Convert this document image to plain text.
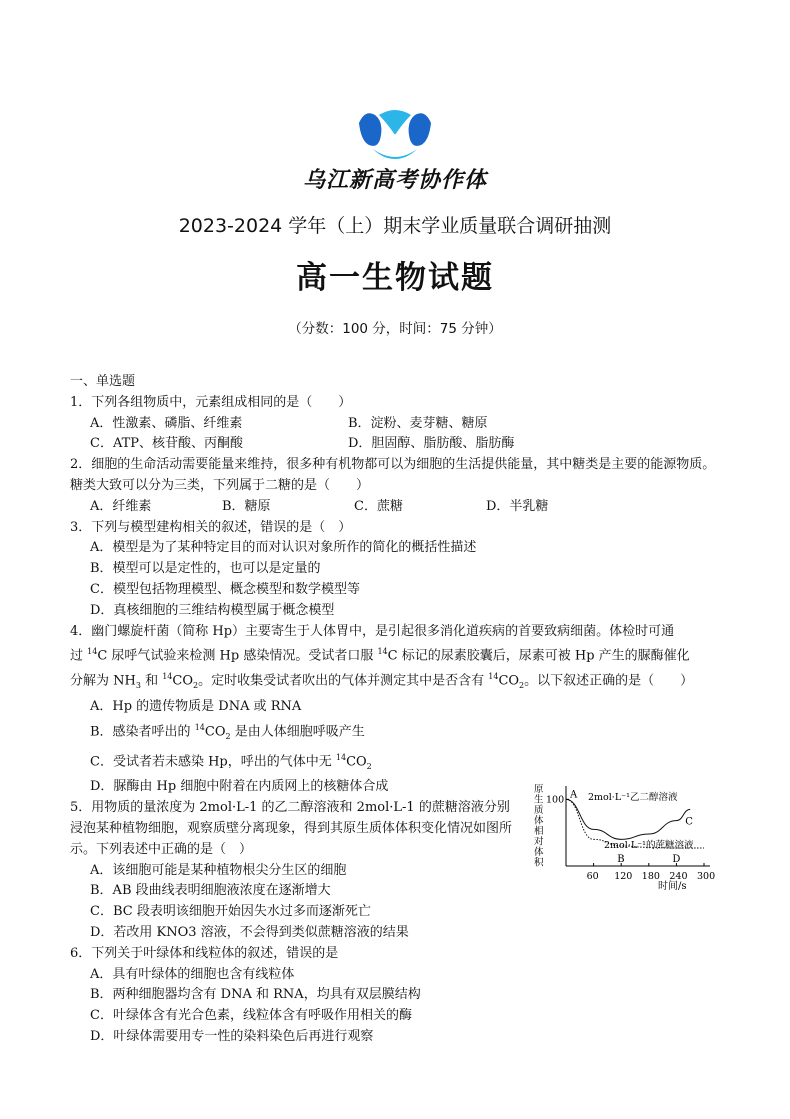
乌江新高考协作体
2023-2024 学年（上）期末学业质量联合调研抽测
高一生物试题
（分数：100 分，时间：75 分钟）
一、单选题
1．下列各组物质中，元素组成相同的是（　　）
A．性激素、磷脂、纤维素	B．淀粉、麦芽糖、糖原
C．ATP、核苷酸、丙酮酸	D．胆固醇、脂肪酸、脂肪酶
2．细胞的生命活动需要能量来维持，很多种有机物都可以为细胞的生活提供能量，其中糖类是主要的能源物质。糖类大致可以分为三类，下列属于二糖的是（　　）
A．纤维素	B．糖原	C．蔗糖	D．半乳糖
3．下列与模型建构相关的叙述，错误的是（　）
A．模型是为了某种特定目的而对认识对象所作的简化的概括性描述
B．模型可以是定性的，也可以是定量的
C．模型包括物理模型、概念模型和数学模型等
D．真核细胞的三维结构模型属于概念模型
4．幽门螺旋杆菌（简称 Hp）主要寄生于人体胃中，是引起很多消化道疾病的首要致病细菌。体检时可通
过 $^{14}$C 尿呼气试验来检测 Hp 感染情况。受试者口服 $^{14}$C 标记的尿素胶囊后，尿素可被 Hp 产生的脲酶催化
分解为 $NH_3$ 和 $^{14}CO_2$。定时收集受试者吹出的气体并测定其中是否含有 $^{14}CO_2$。以下叙述正确的是（　　）
A．Hp 的遗传物质是 DNA 或 RNA
B．感染者呼出的 $^{14}CO_2$ 是由人体细胞呼吸产生
C．受试者若未感染 Hp，呼出的气体中无 $^{14}CO_2$
D．脲酶由 Hp 细胞中附着在内质网上的核糖体合成
5．用物质的量浓度为 2mol·L-1 的乙二醇溶液和 2mol·L-1 的蔗糖溶液分别浸泡某种植物细胞，观察质壁分离现象，得到其原生质体体积变化情况如图所示。下列表述中正确的是（　）
A．该细胞可能是某种植物根尖分生区的细胞
B．AB 段曲线表明细胞液浓度在逐渐增大
C．BC 段表明该细胞开始因失水过多而逐渐死亡
D．若改用 KNO3 溶液，不会得到类似蔗糖溶液的结果
6．下列关于叶绿体和线粒体的叙述，错误的是
A．具有叶绿体的细胞也含有线粒体
B．两种细胞器均含有 DNA 和 RNA，均具有双层膜结构
C．叶绿体含有光合色素，线粒体含有呼吸作用相关的酶
D．叶绿体需要用专一性的染料染色后再进行观察
原
生
质
体
相
对
体
积
60 120 180 240 300
100 A
B
C
D
时间/s
2mol·L⁻¹乙二醇溶液
2mol·L⁻¹的蔗糖溶液
